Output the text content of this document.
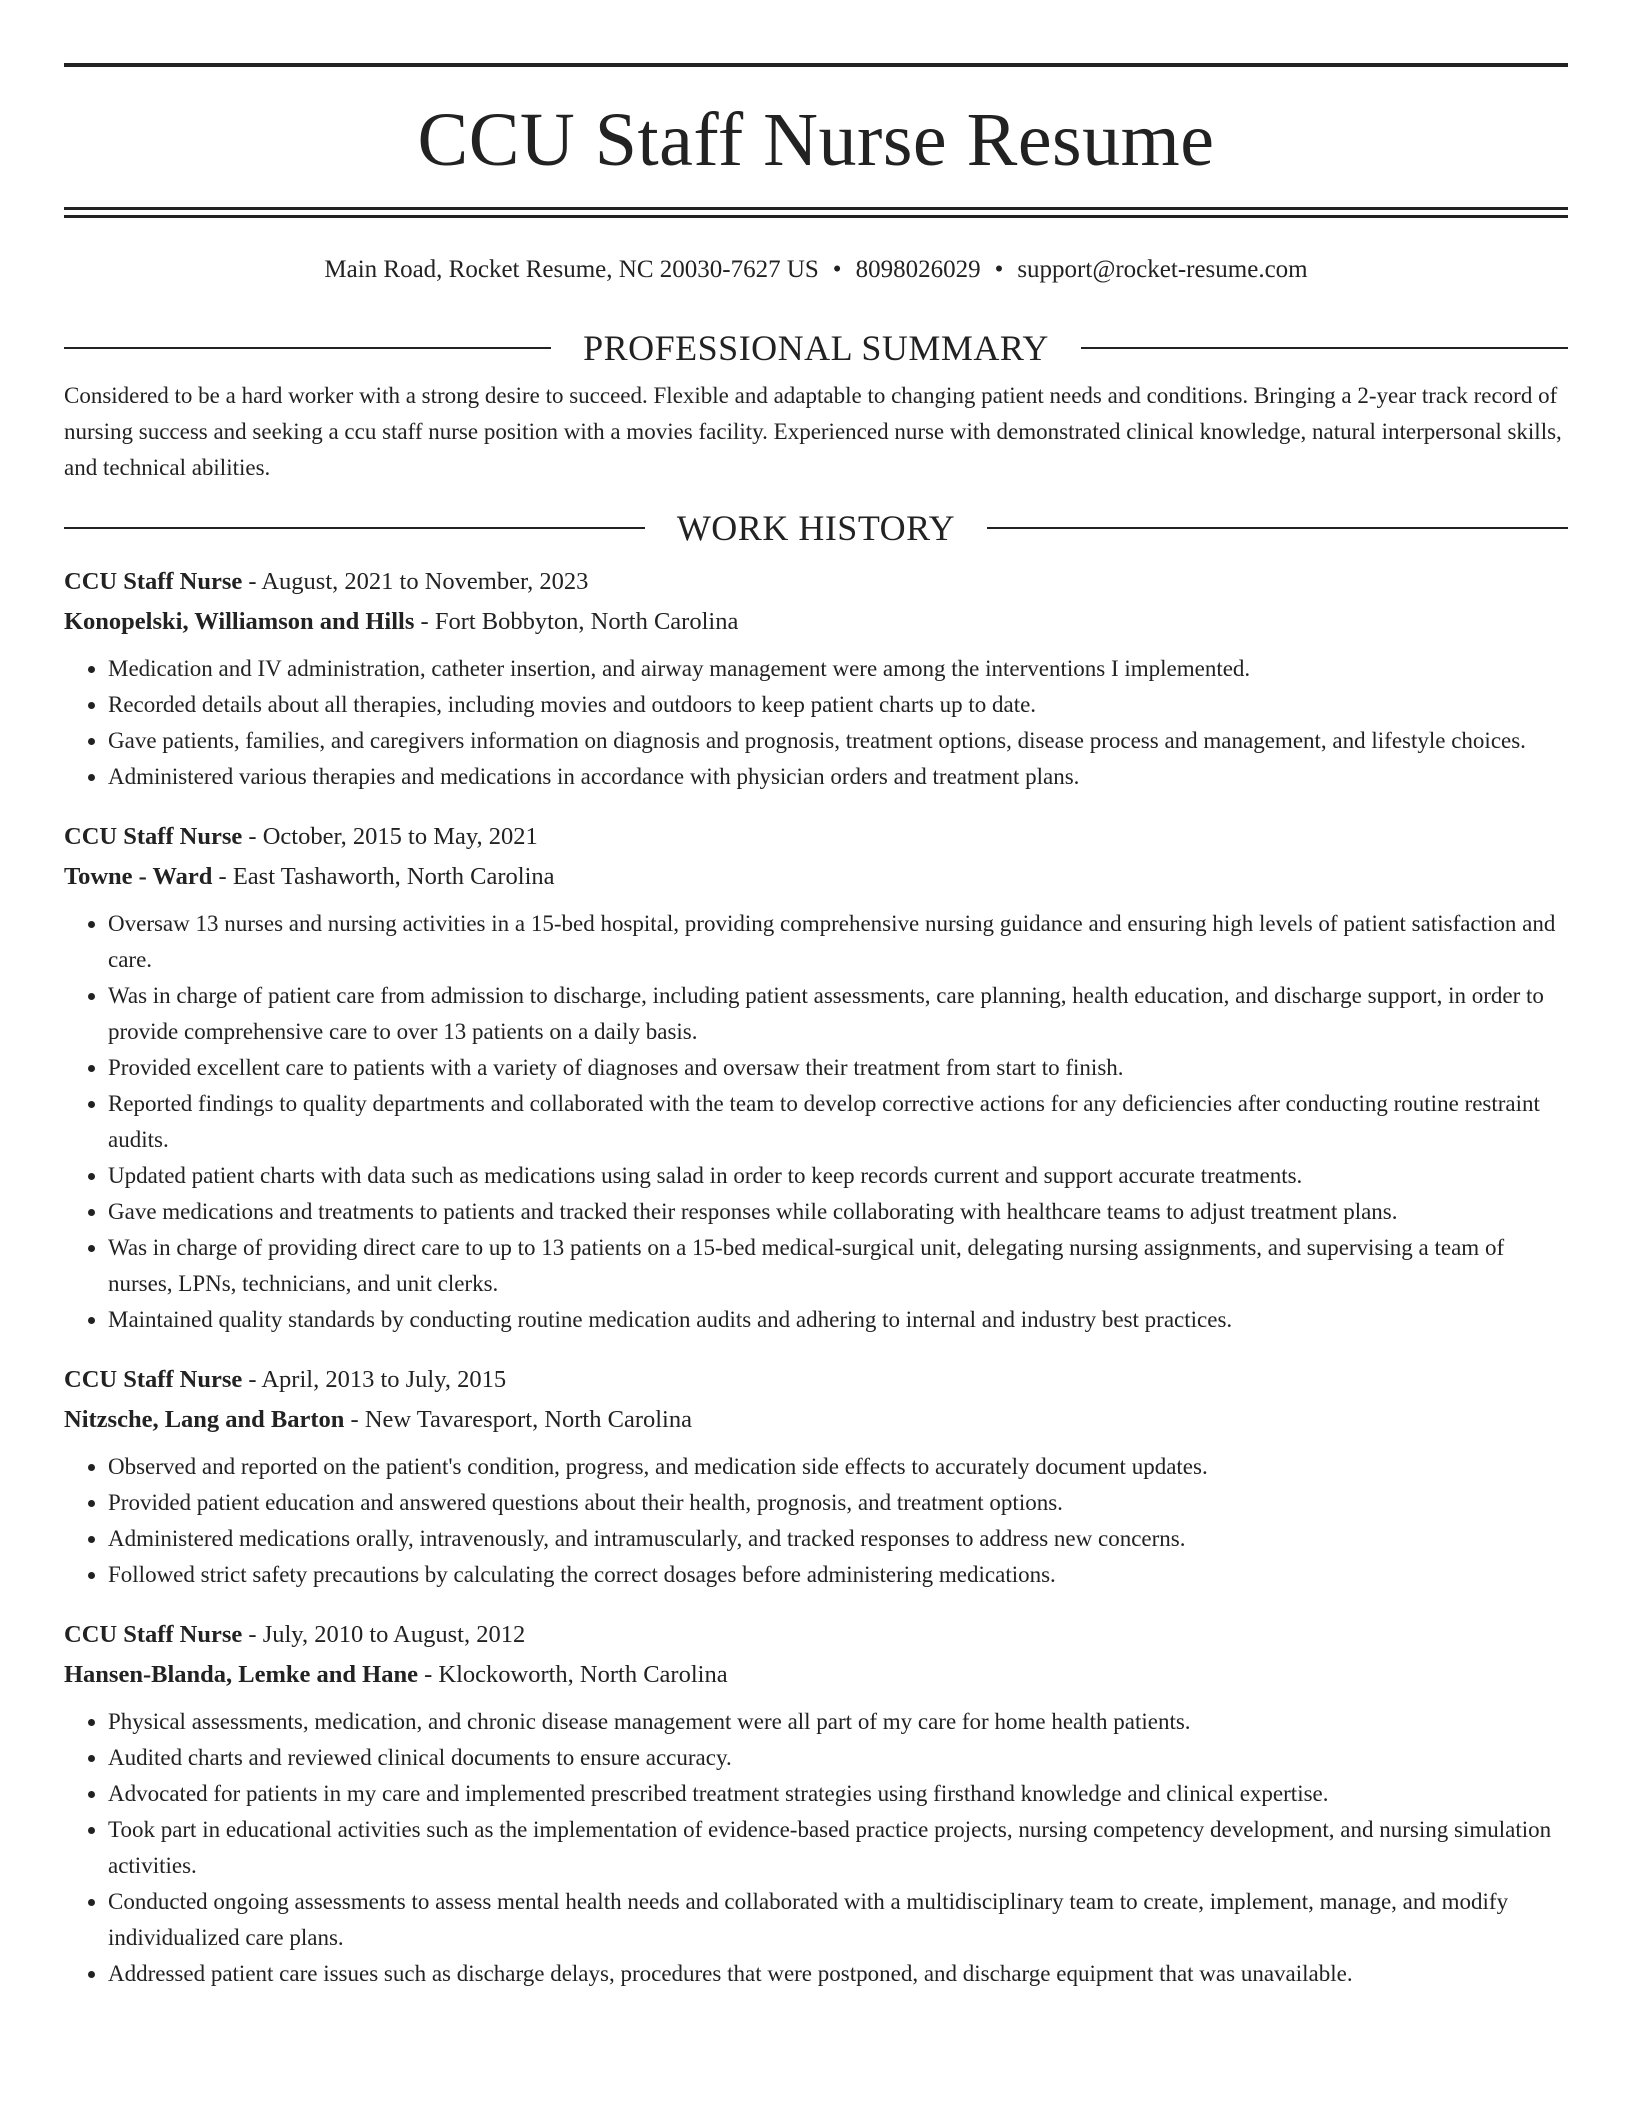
CCU Staff Nurse Resume
Main Road, Rocket Resume, NC 20030-7627 US • 8098026029 • support@rocket-resume.com
PROFESSIONAL SUMMARY
Considered to be a hard worker with a strong desire to succeed. Flexible and adaptable to changing patient needs and conditions. Bringing a 2-year track record of nursing success and seeking a ccu staff nurse position with a movies facility. Experienced nurse with demonstrated clinical knowledge, natural interpersonal skills, and technical abilities.
WORK HISTORY
CCU Staff Nurse - August, 2021 to November, 2023
Konopelski, Williamson and Hills - Fort Bobbyton, North Carolina
• Medication and IV administration, catheter insertion, and airway management were among the interventions I implemented.
• Recorded details about all therapies, including movies and outdoors to keep patient charts up to date.
• Gave patients, families, and caregivers information on diagnosis and prognosis, treatment options, disease process and management, and lifestyle choices.
• Administered various therapies and medications in accordance with physician orders and treatment plans.
CCU Staff Nurse - October, 2015 to May, 2021
Towne - Ward - East Tashaworth, North Carolina
• Oversaw 13 nurses and nursing activities in a 15-bed hospital, providing comprehensive nursing guidance and ensuring high levels of patient satisfaction and care.
• Was in charge of patient care from admission to discharge, including patient assessments, care planning, health education, and discharge support, in order to provide comprehensive care to over 13 patients on a daily basis.
• Provided excellent care to patients with a variety of diagnoses and oversaw their treatment from start to finish.
• Reported findings to quality departments and collaborated with the team to develop corrective actions for any deficiencies after conducting routine restraint audits.
• Updated patient charts with data such as medications using salad in order to keep records current and support accurate treatments.
• Gave medications and treatments to patients and tracked their responses while collaborating with healthcare teams to adjust treatment plans.
• Was in charge of providing direct care to up to 13 patients on a 15-bed medical-surgical unit, delegating nursing assignments, and supervising a team of nurses, LPNs, technicians, and unit clerks.
• Maintained quality standards by conducting routine medication audits and adhering to internal and industry best practices.
CCU Staff Nurse - April, 2013 to July, 2015
Nitzsche, Lang and Barton - New Tavaresport, North Carolina
• Observed and reported on the patient's condition, progress, and medication side effects to accurately document updates.
• Provided patient education and answered questions about their health, prognosis, and treatment options.
• Administered medications orally, intravenously, and intramuscularly, and tracked responses to address new concerns.
• Followed strict safety precautions by calculating the correct dosages before administering medications.
CCU Staff Nurse - July, 2010 to August, 2012
Hansen-Blanda, Lemke and Hane - Klockoworth, North Carolina
• Physical assessments, medication, and chronic disease management were all part of my care for home health patients.
• Audited charts and reviewed clinical documents to ensure accuracy.
• Advocated for patients in my care and implemented prescribed treatment strategies using firsthand knowledge and clinical expertise.
• Took part in educational activities such as the implementation of evidence-based practice projects, nursing competency development, and nursing simulation activities.
• Conducted ongoing assessments to assess mental health needs and collaborated with a multidisciplinary team to create, implement, manage, and modify individualized care plans.
• Addressed patient care issues such as discharge delays, procedures that were postponed, and discharge equipment that was unavailable.
